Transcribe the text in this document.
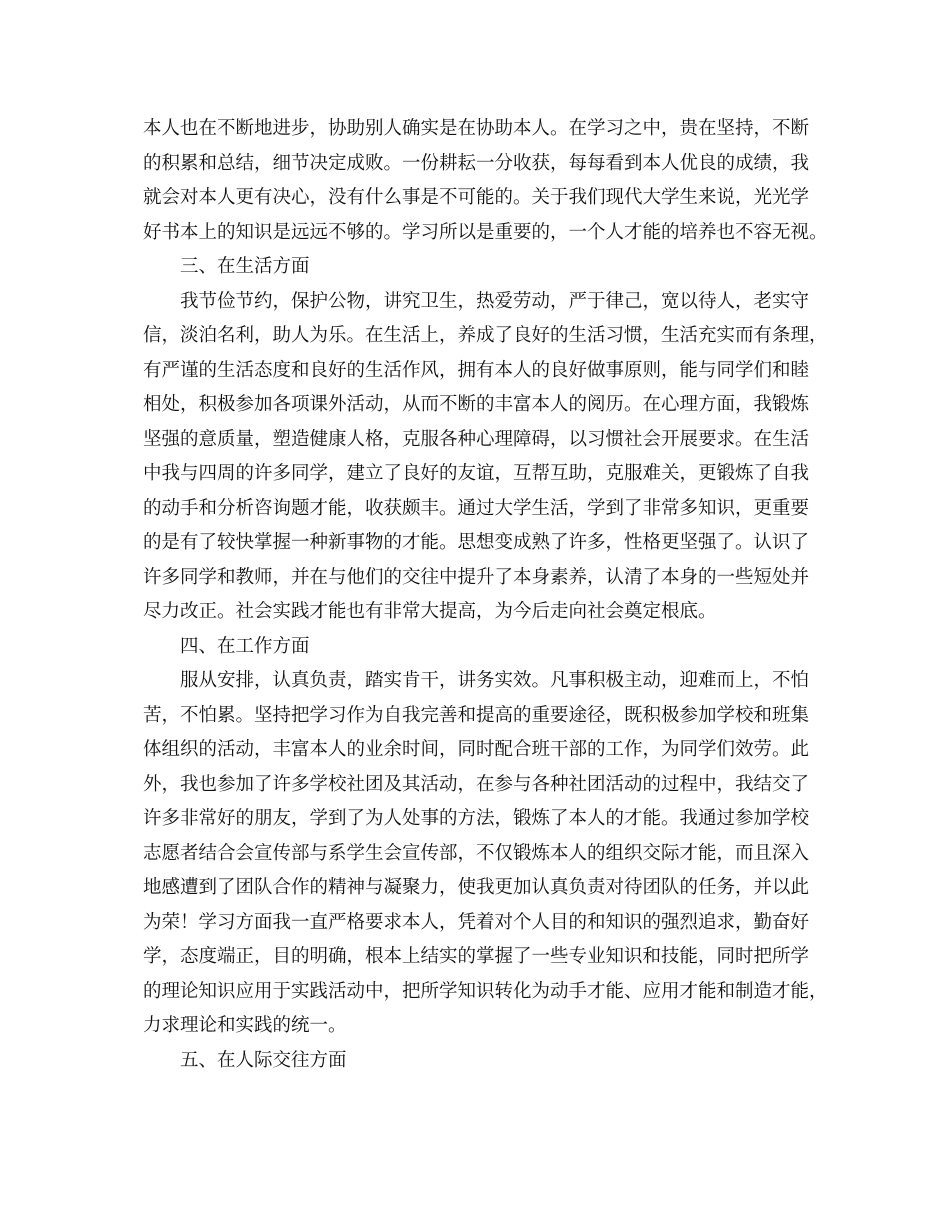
本人也在不断地进步，协助别人确实是在协助本人。在学习之中，贵在坚持，不断
的积累和总结，细节决定成败。一份耕耘一分收获，每每看到本人优良的成绩，我
就会对本人更有决心，没有什么事是不可能的。关于我们现代大学生来说，光光学
好书本上的知识是远远不够的。学习所以是重要的，一个人才能的培养也不容无视。
三、在生活方面
我节俭节约，保护公物，讲究卫生，热爱劳动，严于律己，宽以待人，老实守
信，淡泊名利，助人为乐。在生活上，养成了良好的生活习惯，生活充实而有条理，
有严谨的生活态度和良好的生活作风，拥有本人的良好做事原则，能与同学们和睦
相处，积极参加各项课外活动，从而不断的丰富本人的阅历。在心理方面，我锻炼
坚强的意质量，塑造健康人格，克服各种心理障碍，以习惯社会开展要求。在生活
中我与四周的许多同学，建立了良好的友谊，互帮互助，克服难关，更锻炼了自我
的动手和分析咨询题才能，收获颇丰。通过大学生活，学到了非常多知识，更重要
的是有了较快掌握一种新事物的才能。思想变成熟了许多，性格更坚强了。认识了
许多同学和教师，并在与他们的交往中提升了本身素养，认清了本身的一些短处并
尽力改正。社会实践才能也有非常大提高，为今后走向社会奠定根底。
四、在工作方面
服从安排，认真负责，踏实肯干，讲务实效。凡事积极主动，迎难而上，不怕
苦，不怕累。坚持把学习作为自我完善和提高的重要途径，既积极参加学校和班集
体组织的活动，丰富本人的业余时间，同时配合班干部的工作，为同学们效劳。此
外，我也参加了许多学校社团及其活动，在参与各种社团活动的过程中，我结交了
许多非常好的朋友，学到了为人处事的方法，锻炼了本人的才能。我通过参加学校
志愿者结合会宣传部与系学生会宣传部，不仅锻炼本人的组织交际才能，而且深入
地感遭到了团队合作的精神与凝聚力，使我更加认真负责对待团队的任务，并以此
为荣！学习方面我一直严格要求本人，凭着对个人目的和知识的强烈追求，勤奋好
学，态度端正，目的明确，根本上结实的掌握了一些专业知识和技能，同时把所学
的理论知识应用于实践活动中，把所学知识转化为动手才能、应用才能和制造才能，
力求理论和实践的统一。
五、在人际交往方面
